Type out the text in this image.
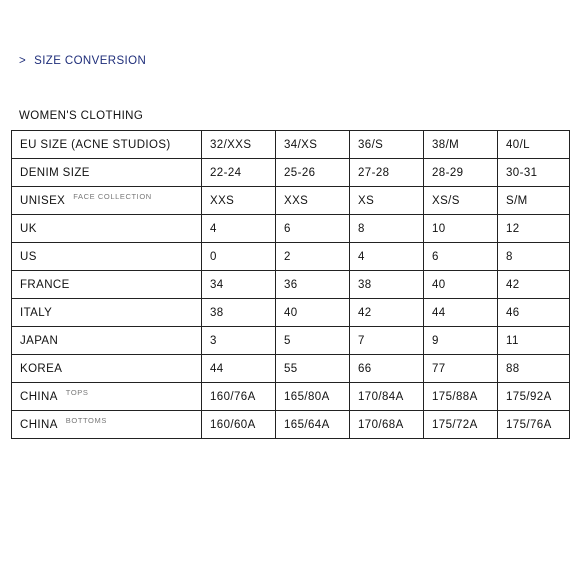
> SIZE CONVERSION
WOMEN'S CLOTHING
EU SIZE (ACNE STUDIOS)	32/XXS	34/XS	36/S	38/M	40/L
DENIM SIZE	22-24	25-26	27-28	28-29	30-31
UNISEX $^{FACE COLLECTION}$	XXS	XXS	XS	XS/S	S/M
UK	4	6	8	10	12
US	0	2	4	6	8
FRANCE	34	36	38	40	42
ITALY	38	40	42	44	46
JAPAN	3	5	7	9	11
KOREA	44	55	66	77	88
CHINA $^{TOPS}$	160/76A	165/80A	170/84A	175/88A	175/92A
CHINA $^{BOTTOMS}$	160/60A	165/64A	170/68A	175/72A	175/76A
